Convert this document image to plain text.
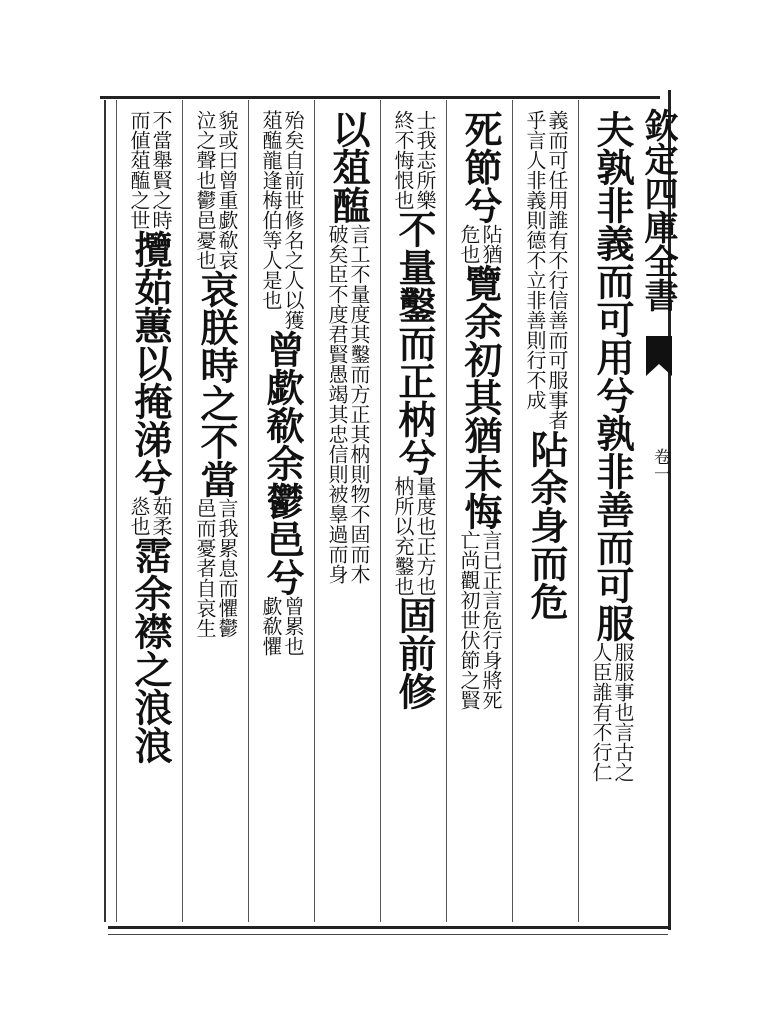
欽定四庫全書
卷一
夫孰非義而可用兮孰非善而可服
服服事也言古之
人臣誰有不行仁
義而可任用誰有不行信善而可服事者
乎言人非義則德不立非善則行不成
阽余身而危
死節兮
阽猶
危也
覽余初其猶未悔
言已正言危行身將死
亡尚觀初世伏節之賢
士我志所樂
終不悔恨也
不量鑿而正枘兮
量度也正方也
枘所以充鑿也
固前修
以葅醢
言工不量度其鑿而方正其枘則物不固而木
破矣臣不度君賢愚竭其忠信則被辠過而身
殆矣自前世修名之人以獲
葅醢龍逢梅伯等人是也
曾歔欷余鬱邑兮
曾累也
歔欷懼
貌或曰曾重歔欷哀
泣之聲也鬱邑憂也
哀朕時之不當
言我累息而懼鬱
邑而憂者自哀生
不當舉賢之時
而値葅醢之世
攬茹蕙以掩涕兮
茹柔
㥕也
霑余襟之浪浪
